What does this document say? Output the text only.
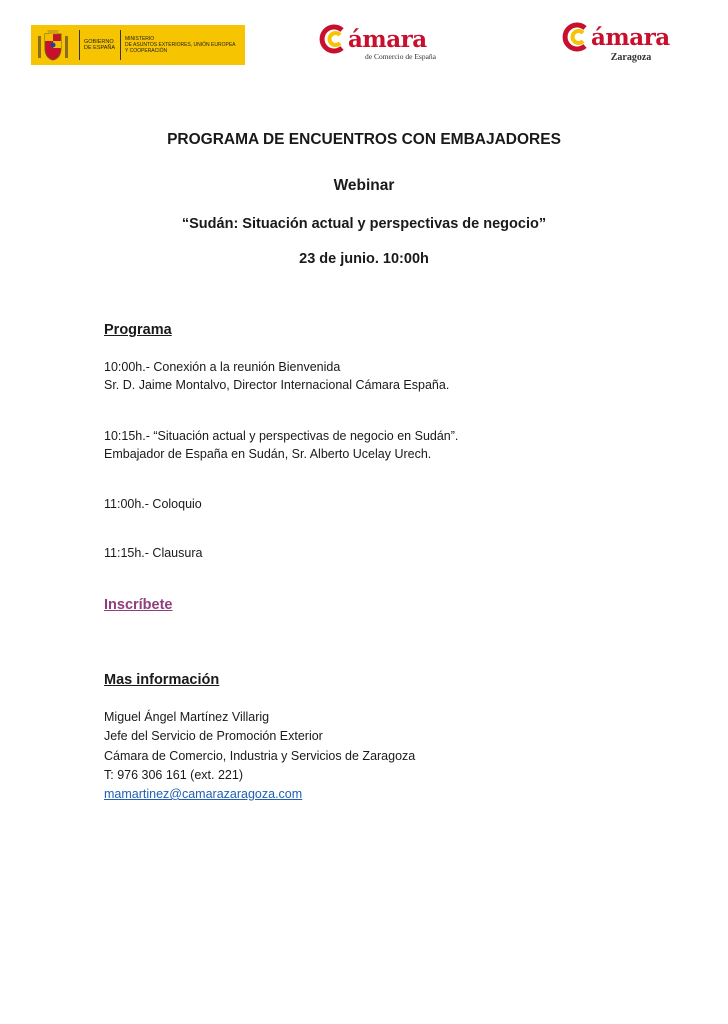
GOBIERNO
DE ESPAÑA
MINISTERIO
DE ASUNTOS EXTERIORES, UNIÓN EUROPEA
Y COOPERACIÓN	ámara
de Comercio de España
ámara
Zaragoza
PROGRAMA DE ENCUENTROS CON EMBAJADORES
Webinar
“Sudán: Situación actual y perspectivas de negocio”
23 de junio. 10:00h
Programa
10:00h.- Conexión a la reunión Bienvenida
Sr. D. Jaime Montalvo, Director Internacional Cámara España.
10:15h.- “Situación actual y perspectivas de negocio en Sudán”.
Embajador de España en Sudán, Sr. Alberto Ucelay Urech.
11:00h.- Coloquio
11:15h.- Clausura
Inscríbete
Mas información
Miguel Ángel Martínez Villarig
Jefe del Servicio de Promoción Exterior
Cámara de Comercio, Industria y Servicios de Zaragoza
T: 976 306 161 (ext. 221)
mamartinez@camarazaragoza.com
